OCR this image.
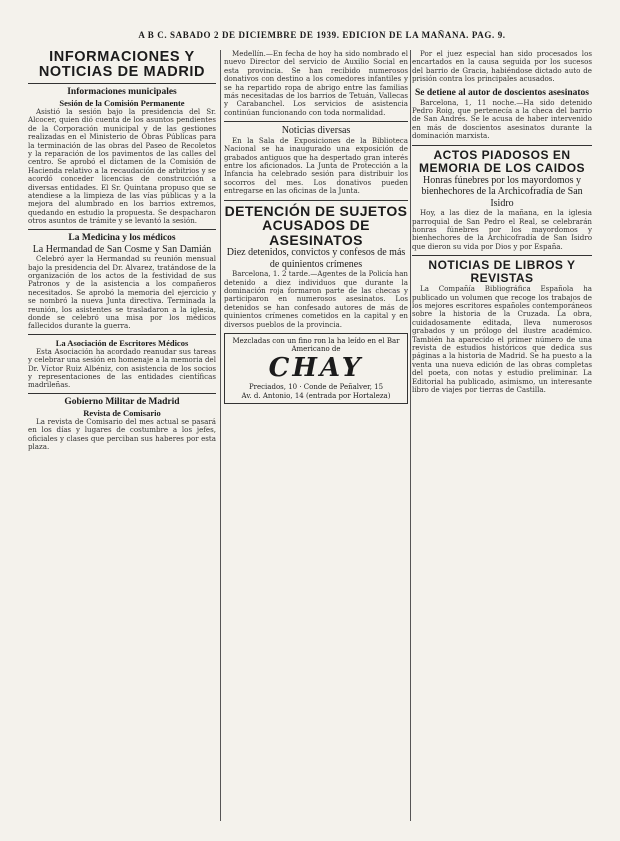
A B C. SABADO 2 DE DICIEMBRE DE 1939. EDICION DE LA MAÑANA. PAG. 9.
INFORMACIONES Y NOTICIAS DE MADRID
Informaciones municipales
Sesión de la Comisión Permanente

Asistió la sesión bajo la presidencia del Sr. Alcocer, quien dió cuenta de los asuntos pendientes de la Corporación municipal y de las gestiones realizadas en el Ministerio de Obras Públicas para la terminación de las obras del Paseo de Recoletos y la reparación de los pavimentos de las calles del centro. Se aprobó el dictamen de la Comisión de Hacienda relativo a la recaudación de arbitrios y se acordó conceder licencias de construcción a diversas entidades. El Sr. Quintana propuso que se atendiese a la limpieza de las vías públicas y a la mejora del alumbrado en los barrios extremos, quedando en estudio la propuesta. Se despacharon otros asuntos de trámite y se levantó la sesión.

La Medicina y los médicos
La Hermandad de San Cosme y San Damián

Celebró ayer la Hermandad su reunión mensual bajo la presidencia del Dr. Alvarez, tratándose de la organización de los actos de la festividad de sus Patronos y de la asistencia a los compañeros necesitados. Se aprobó la memoria del ejercicio y se nombró la nueva Junta directiva. Terminada la reunión, los asistentes se trasladaron a la iglesia, donde se celebró una misa por los médicos fallecidos durante la guerra.

La Asociación de Escritores Médicos

Esta Asociación ha acordado reanudar sus tareas y celebrar una sesión en homenaje a la memoria del Dr. Víctor Ruiz Albéniz, con asistencia de los socios y representaciones de las entidades científicas madrileñas.

Gobierno Militar de Madrid
Revista de Comisario

La revista de Comisario del mes actual se pasará en los días y lugares de costumbre a los jefes, oficiales y clases que perciban sus haberes por esta plaza.

Medellín.—En fecha de hoy ha sido nombrado el nuevo Director del servicio de Auxilio Social en esta provincia. Se han recibido numerosos donativos con destino a los comedores infantiles y se ha repartido ropa de abrigo entre las familias más necesitadas de los barrios de Tetuán, Vallecas y Carabanchel. Los servicios de asistencia continúan funcionando con toda normalidad.

Noticias diversas

En la Sala de Exposiciones de la Biblioteca Nacional se ha inaugurado una exposición de grabados antiguos que ha despertado gran interés entre los aficionados. La Junta de Protección a la Infancia ha celebrado sesión para distribuir los socorros del mes. Los donativos pueden entregarse en las oficinas de la Junta.

DETENCIÓN DE SUJETOS ACUSADOS DE ASESINATOS
Diez detenidos, convictos y confesos de más de quinientos crímenes

Barcelona, 1. 2 tarde.—Agentes de la Policía han detenido a diez individuos que durante la dominación roja formaron parte de las checas y participaron en numerosos asesinatos. Los detenidos se han confesado autores de más de quinientos crímenes cometidos en la capital y en diversos pueblos de la provincia.

Mezcladas con un fino ron la ha leído en el Bar Americano de
CHAY
Preciados, 10 · Conde de Peñalver, 15
Av. d. Antonio, 14 (entrada por Hortaleza)

Por el juez especial han sido procesados los encartados en la causa seguida por los sucesos del barrio de Gracia, habiéndose dictado auto de prisión contra los principales acusados.

Se detiene al autor de doscientos asesinatos

Barcelona, 1, 11 noche.—Ha sido detenido Pedro Roig, que pertenecía a la checa del barrio de San Andrés. Se le acusa de haber intervenido en más de doscientos asesinatos durante la dominación marxista.

ACTOS PIADOSOS EN MEMORIA DE LOS CAIDOS
Honras fúnebres por los mayordomos y bienhechores de la Archicofradía de San Isidro

Hoy, a las diez de la mañana, en la iglesia parroquial de San Pedro el Real, se celebrarán honras fúnebres por los mayordomos y bienhechores de la Archicofradía de San Isidro que dieron su vida por Dios y por España.

NOTICIAS DE LIBROS Y REVISTAS

La Compañía Bibliográfica Española ha publicado un volumen que recoge los trabajos de los mejores escritores españoles contemporáneos sobre la historia de la Cruzada. La obra, cuidadosamente editada, lleva numerosos grabados y un prólogo del ilustre académico. También ha aparecido el primer número de una revista de estudios históricos que dedica sus páginas a la historia de Madrid. Se ha puesto a la venta una nueva edición de las obras completas del poeta, con notas y estudio preliminar. La Editorial ha publicado, asimismo, un interesante libro de viajes por tierras de Castilla.
